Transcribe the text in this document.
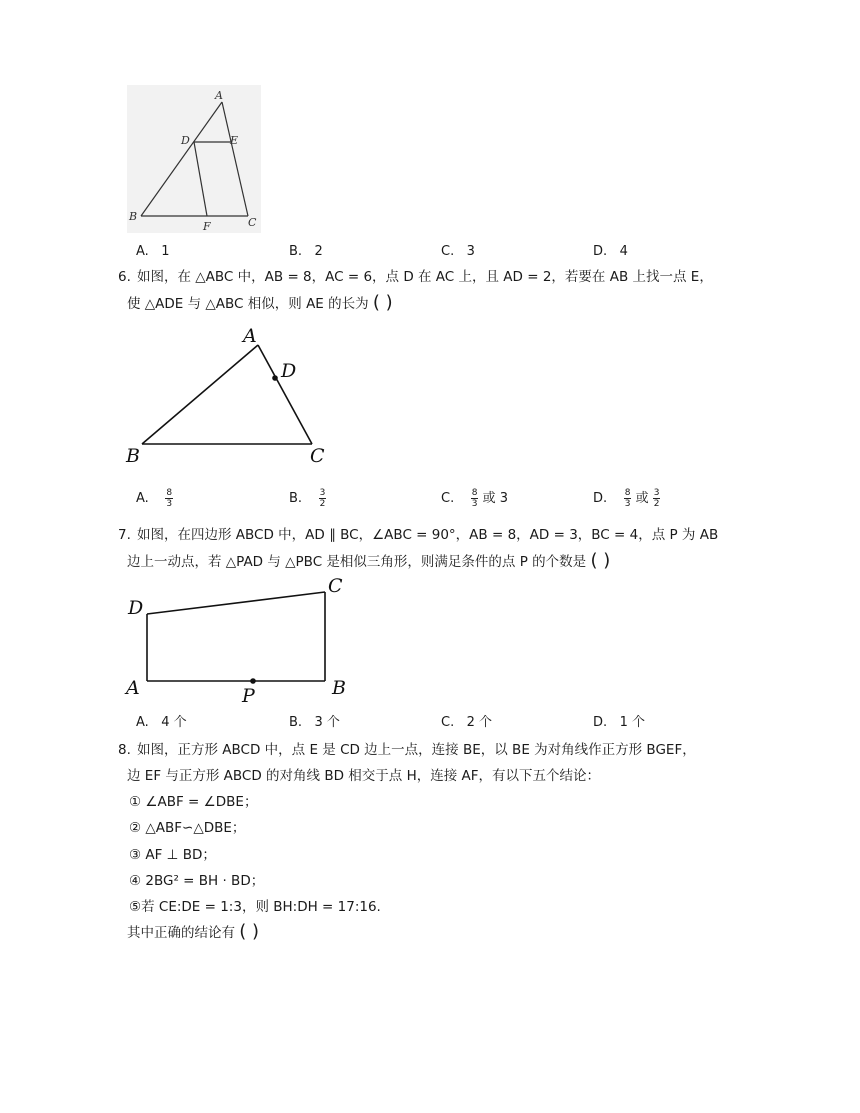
A
D	E
B
F	C
A. 1	B. 2	C. 3	D. 4
6. 如图，在 △ABC 中，AB = 8，AC = 6，点 D 在 AC 上，且 AD = 2，若要在 AB 上找一点 E，
使 △ADE 与 △ABC 相似，则 AE 的长为 ( )
A
D
B	C
A. $\frac{8}{3}$	B. $\frac{3}{2}$	C. $\frac{8}{3}$ 或 3	D. $\frac{8}{3}$ 或 $\frac{3}{2}$
7. 如图，在四边形 ABCD 中，AD ∥ BC，∠ABC = 90°，AB = 8，AD = 3，BC = 4，点 P 为 AB
边上一动点，若 △PAD 与 △PBC 是相似三角形，则满足条件的点 P 的个数是 ( )
D
C
A	P	B
A. 4 个	B. 3 个	C. 2 个	D. 1 个
8. 如图，正方形 ABCD 中，点 E 是 CD 边上一点，连接 BE，以 BE 为对角线作正方形 BGEF，
边 EF 与正方形 ABCD 的对角线 BD 相交于点 H，连接 AF，有以下五个结论：
① ∠ABF = ∠DBE；
② △ABF∽△DBE；
③ AF ⊥ BD；
④ 2BG² = BH · BD；
⑤若 CE:DE = 1:3，则 BH:DH = 17:16.
其中正确的结论有 ( )
